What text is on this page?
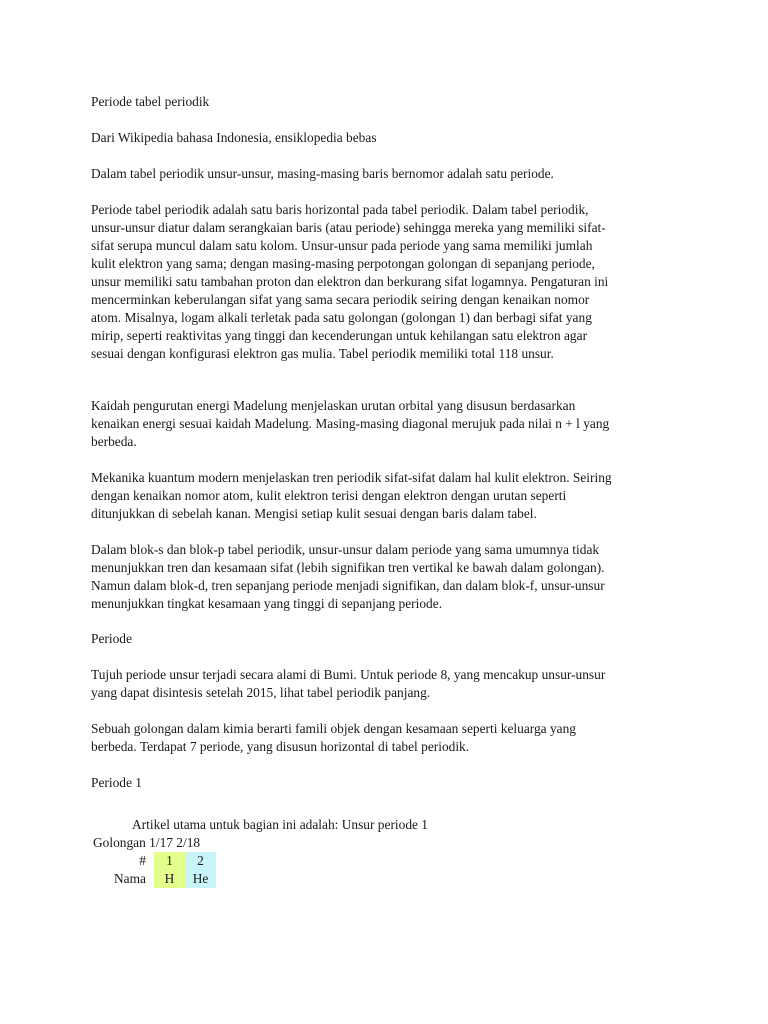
Periode tabel periodik
Dari Wikipedia bahasa Indonesia, ensiklopedia bebas
Dalam tabel periodik unsur-unsur, masing-masing baris bernomor adalah satu periode.
Periode tabel periodik adalah satu baris horizontal pada tabel periodik. Dalam tabel periodik,
unsur-unsur diatur dalam serangkaian baris (atau periode) sehingga mereka yang memiliki sifat-
sifat serupa muncul dalam satu kolom. Unsur-unsur pada periode yang sama memiliki jumlah
kulit elektron yang sama; dengan masing-masing perpotongan golongan di sepanjang periode,
unsur memiliki satu tambahan proton dan elektron dan berkurang sifat logamnya. Pengaturan ini
mencerminkan keberulangan sifat yang sama secara periodik seiring dengan kenaikan nomor
atom. Misalnya, logam alkali terletak pada satu golongan (golongan 1) dan berbagi sifat yang
mirip, seperti reaktivitas yang tinggi dan kecenderungan untuk kehilangan satu elektron agar
sesuai dengan konfigurasi elektron gas mulia. Tabel periodik memiliki total 118 unsur.
Kaidah pengurutan energi Madelung menjelaskan urutan orbital yang disusun berdasarkan
kenaikan energi sesuai kaidah Madelung. Masing-masing diagonal merujuk pada nilai n + l yang
berbeda.
Mekanika kuantum modern menjelaskan tren periodik sifat-sifat dalam hal kulit elektron. Seiring
dengan kenaikan nomor atom, kulit elektron terisi dengan elektron dengan urutan seperti
ditunjukkan di sebelah kanan. Mengisi setiap kulit sesuai dengan baris dalam tabel.
Dalam blok-s dan blok-p tabel periodik, unsur-unsur dalam periode yang sama umumnya tidak
menunjukkan tren dan kesamaan sifat (lebih signifikan tren vertikal ke bawah dalam golongan).
Namun dalam blok-d, tren sepanjang periode menjadi signifikan, dan dalam blok-f, unsur-unsur
menunjukkan tingkat kesamaan yang tinggi di sepanjang periode.
Periode
Tujuh periode unsur terjadi secara alami di Bumi. Untuk periode 8, yang mencakup unsur-unsur
yang dapat disintesis setelah 2015, lihat tabel periodik panjang.
Sebuah golongan dalam kimia berarti famili objek dengan kesamaan seperti keluarga yang
berbeda. Terdapat 7 periode, yang disusun horizontal di tabel periodik.
Periode 1
Artikel utama untuk bagian ini adalah: Unsur periode 1
Golongan 1/17 2/18
#
Nama
1
H
2
He
